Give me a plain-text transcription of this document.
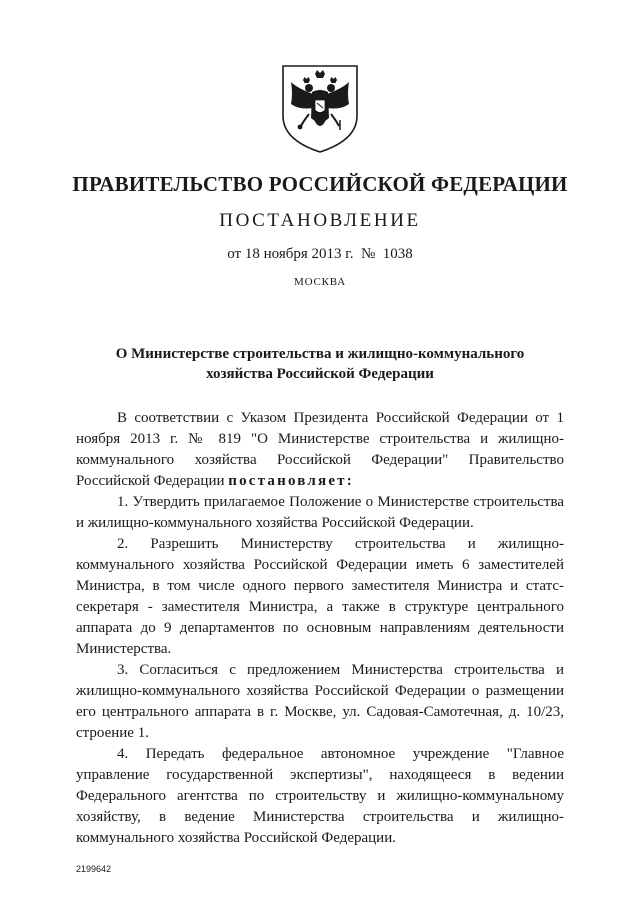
ПРАВИТЕЛЬСТВО РОССИЙСКОЙ ФЕДЕРАЦИИ
ПОСТАНОВЛЕНИЕ
от 18 ноября 2013 г.  №  1038
МОСКВА
О Министерстве строительства и жилищно-коммунального
хозяйства Российской Федерации

В соответствии с Указом Президента Российской Федерации от 1 ноября 2013 г. № 819 "О Министерстве строительства и жилищно-коммунального хозяйства Российской Федерации" Правительство Российской Федерации постановляет:

1. Утвердить прилагаемое Положение о Министерстве строительства и жилищно-коммунального хозяйства Российской Федерации.

2. Разрешить Министерству строительства и жилищно-коммунального хозяйства Российской Федерации иметь 6 заместителей Министра, в том числе одного первого заместителя Министра и статс-секретаря - заместителя Министра, а также в структуре центрального аппарата до 9 департаментов по основным направлениям деятельности Министерства.

3. Согласиться с предложением Министерства строительства и жилищно-коммунального хозяйства Российской Федерации о размещении его центрального аппарата в г. Москве, ул. Садовая-Самотечная, д. 10/23, строение 1.

4. Передать федеральное автономное учреждение "Главное управление государственной экспертизы", находящееся в ведении Федерального агентства по строительству и жилищно-коммунальному хозяйству, в ведение Министерства строительства и жилищно-коммунального хозяйства Российской Федерации.

2199642
